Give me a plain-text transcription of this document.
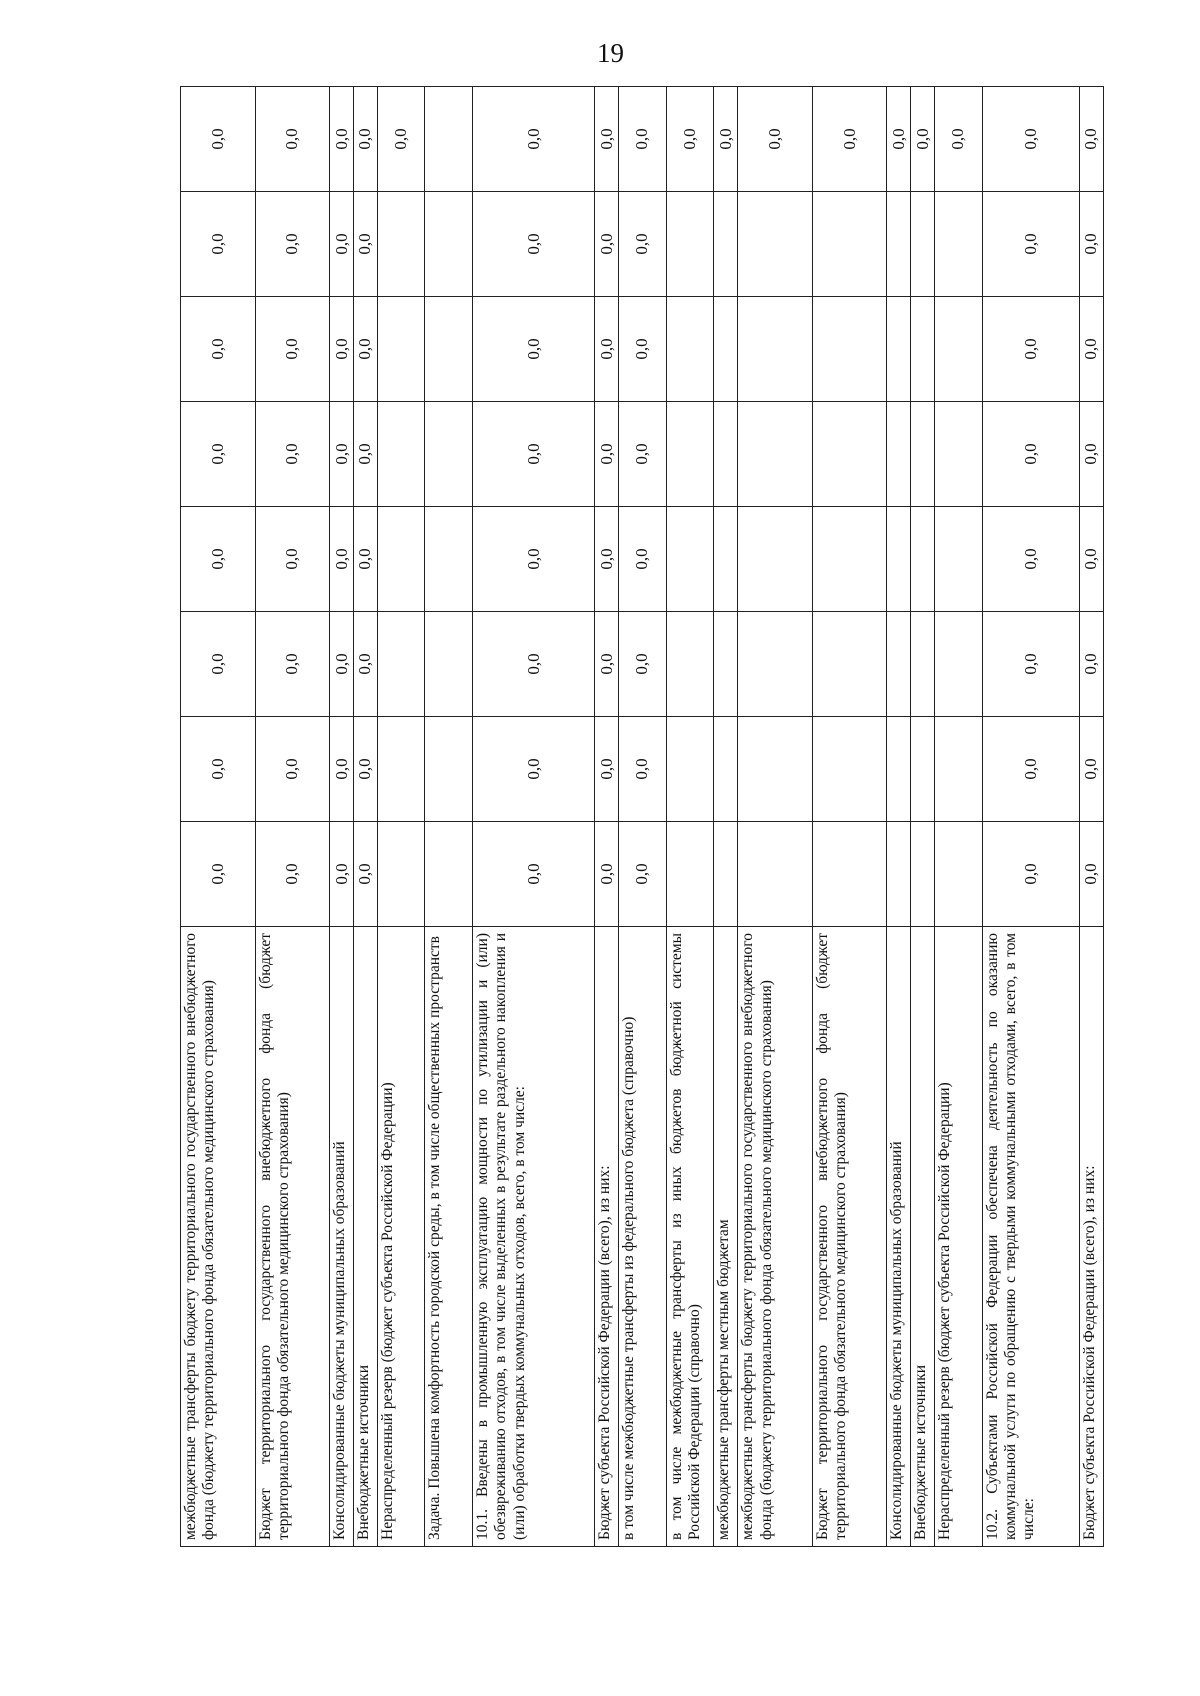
19
межбюджетные трансферты бюджету территориального государственного внебюджетного фонда (бюджету территориального фонда обязательного медицинского страхования)	0,0	0,0	0,0	0,0	0,0	0,0	0,0	0,0
Бюджет территориального государственного внебюджетного фонда (бюджет территориального фонда обязательного медицинского страхования)	0,0	0,0	0,0	0,0	0,0	0,0	0,0	0,0
Консолидированные бюджеты муниципальных образований	0,0	0,0	0,0	0,0	0,0	0,0	0,0	0,0
Внебюджетные источники	0,0	0,0	0,0	0,0	0,0	0,0	0,0	0,0
Нераспределенный резерв (бюджет субъекта Российской Федерации)								0,0
Задача. Повышена комфортность городской среды, в том числе общественных пространств								
10.1. Введены в промышленную эксплуатацию мощности по утилизации и (или) обезвреживанию отходов, в том числе выделенных в результате раздельного накопления и (или) обработки твердых коммунальных отходов, всего, в том числе:	0,0	0,0	0,0	0,0	0,0	0,0	0,0	0,0
Бюджет субъекта Российской Федерации (всего), из них:	0,0	0,0	0,0	0,0	0,0	0,0	0,0	0,0
в том числе межбюджетные трансферты из федерального бюджета (справочно)	0,0	0,0	0,0	0,0	0,0	0,0	0,0	0,0
в том числе межбюджетные трансферты из иных бюджетов бюджетной системы Российской Федерации (справочно)								0,0
межбюджетные трансферты местным бюджетам								0,0
межбюджетные трансферты бюджету территориального государственного внебюджетного фонда (бюджету территориального фонда обязательного медицинского страхования)								0,0
Бюджет территориального государственного внебюджетного фонда (бюджет территориального фонда обязательного медицинского страхования)								0,0
Консолидированные бюджеты муниципальных образований								0,0
Внебюджетные источники								0,0
Нераспределенный резерв (бюджет субъекта Российской Федерации)								0,0
10.2. Субъектами Российской Федерации обеспечена деятельность по оказанию коммунальной услуги по обращению с твердыми коммунальными отходами, всего, в том числе:	0,0	0,0	0,0	0,0	0,0	0,0	0,0	0,0
Бюджет субъекта Российской Федерации (всего), из них:	0,0	0,0	0,0	0,0	0,0	0,0	0,0	0,0
